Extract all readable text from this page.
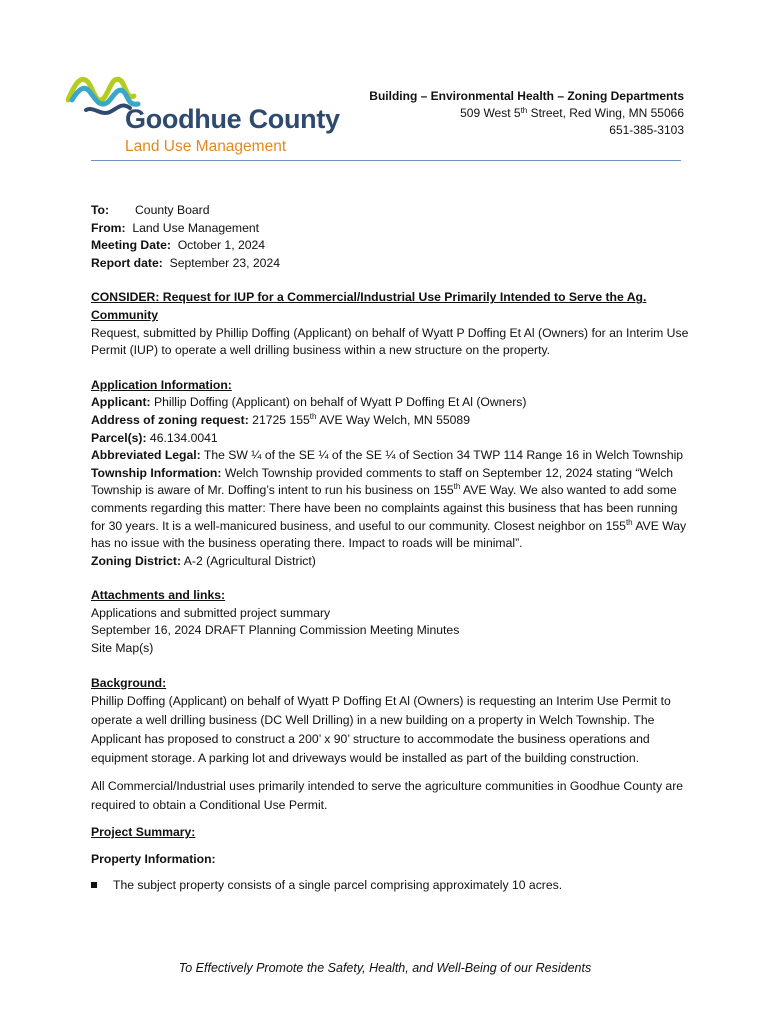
Goodhue County
Land Use Management
Building – Environmental Health – Zoning Departments
509 West 5th Street, Red Wing, MN 55066
651-385-3103

To: County Board

From: Land Use Management

Meeting Date: October 1, 2024

Report date: September 23, 2024

CONSIDER: Request for IUP for a Commercial/Industrial Use Primarily Intended to Serve the Ag. Community

Request, submitted by Phillip Doffing (Applicant) on behalf of Wyatt P Doffing Et Al (Owners) for an Interim Use Permit (IUP) to operate a well drilling business within a new structure on the property.

Application Information:

Applicant: Phillip Doffing (Applicant) on behalf of Wyatt P Doffing Et Al (Owners)

Address of zoning request: 21725 155th AVE Way Welch, MN 55089

Parcel(s): 46.134.0041

Abbreviated Legal: The SW ¼ of the SE ¼ of the SE ¼ of Section 34 TWP 114 Range 16 in Welch Township

Township Information: Welch Township provided comments to staff on September 12, 2024 stating “Welch Township is aware of Mr. Doffing’s intent to run his business on 155th AVE Way. We also wanted to add some comments regarding this matter: There have been no complaints against this business that has been running for 30 years. It is a well-manicured business, and useful to our community. Closest neighbor on 155th AVE Way has no issue with the business operating there. Impact to roads will be minimal”.

Zoning District: A-2 (Agricultural District)

Attachments and links:

Applications and submitted project summary

September 16, 2024 DRAFT Planning Commission Meeting Minutes

Site Map(s)

Background:

Phillip Doffing (Applicant) on behalf of Wyatt P Doffing Et Al (Owners) is requesting an Interim Use Permit to operate a well drilling business (DC Well Drilling) in a new building on a property in Welch Township. The Applicant has proposed to construct a 200’ x 90’ structure to accommodate the business operations and equipment storage. A parking lot and driveways would be installed as part of the building construction.

All Commercial/Industrial uses primarily intended to serve the agriculture communities in Goodhue County are required to obtain a Conditional Use Permit.

Project Summary:

Property Information:

The subject property consists of a single parcel comprising approximately 10 acres.
To Effectively Promote the Safety, Health, and Well-Being of our Residents
